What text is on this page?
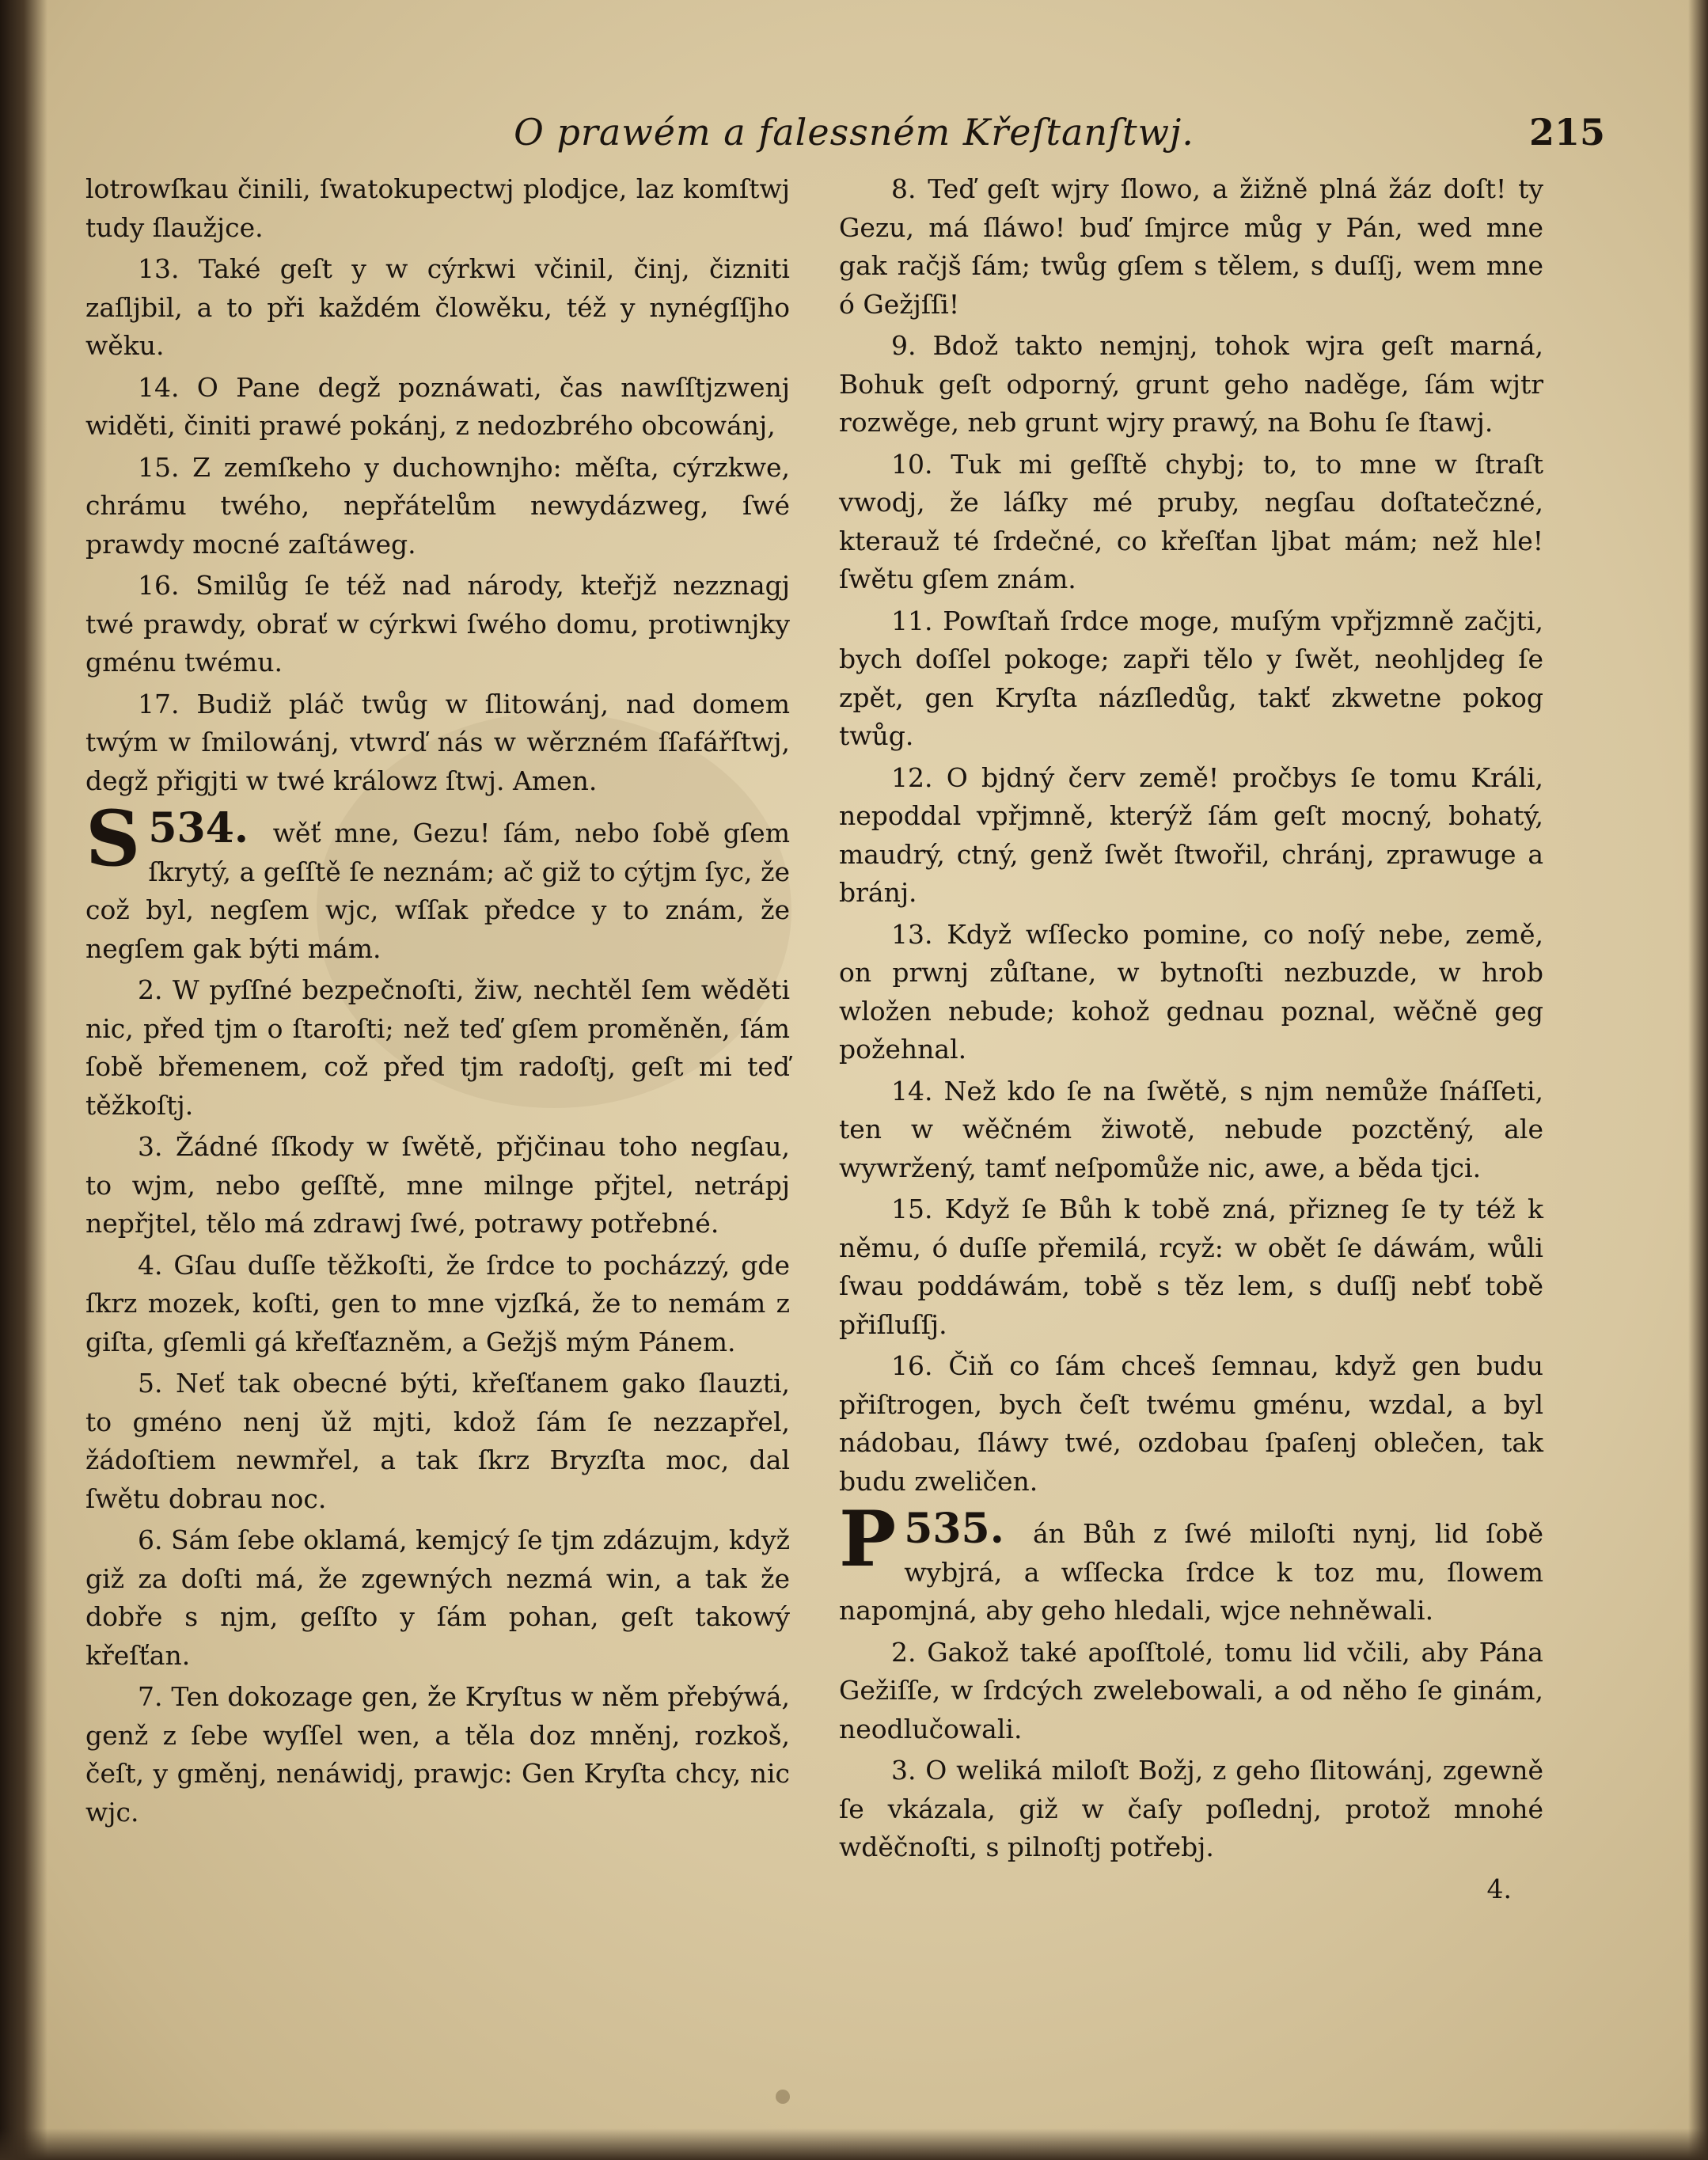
O prawém a falessném Křeſtanſtwj.	215

lotrowſkau činili, ſwatokupectwj plodjce, laz komſtwj tudy ſlaužjce.

13. Také geſt y w cýrkwi včinil, činj, čizniti zaſljbil, a to při každém člowěku, též y nynégſſjho wěku.

14. O Pane degž poznáwati, čas nawſſtjzwenj widěti, činiti prawé pokánj, z nedozbrého obcowánj,

15. Z zemſkeho y duchownjho: měſta, cýrzkwe, chrámu twého, nepřátelům newydázweg, ſwé prawdy mocné zaſtáweg.

16. Smilůg ſe též nad národy, kteřjž nezznagj twé prawdy, obrať w cýrkwi ſwého domu, protiwnjky gménu twému.

17. Budiž pláč twůg w ſlitowánj, nad domem twým w ſmilowánj, vtwrď nás w wěrzném ſſafářſtwj, degž přigjti w twé králowz ſtwj. Amen.

534.
S	wěť mne, Gezu! ſám, nebo ſobě gſem ſkrytý, a geſſtě ſe neznám; ač giž to cýtjm ſyc, že což byl, negſem wjc, wſſak předce y to znám, že negſem gak býti mám.

2. W pyſſné bezpečnoſti, žiw, nechtěl ſem wěděti nic, před tjm o ſtaroſti; než teď gſem proměněn, ſám ſobě břemenem, což před tjm radoſtj, geſt mi teď těžkoſtj.

3. Žádné ſſkody w ſwětě, přjčinau toho negſau, to wjm, nebo geſſtě, mne milnge přjtel, netrápj nepřjtel, tělo má zdrawj ſwé, potrawy potřebné.

4. Gſau duſſe těžkoſti, že ſrdce to pocházzý, gde ſkrz mozek, koſti, gen to mne vjzſká, že to nemám z giſta, gſemli gá křeſťazněm, a Gežjš mým Pánem.

5. Neť tak obecné býti, křeſťanem gako ſlauzti, to gméno nenj ǔž mjti, kdož ſám ſe nezzapřel, žádoſtiem newmřel, a tak ſkrz Bryzſta moc, dal ſwětu dobrau noc.

6. Sám ſebe oklamá, kemjcý ſe tjm zdázujm, když giž za doſti má, že zgewných nezmá win, a tak že dobře s njm, geſſto y ſám pohan, geſt takowý křeſťan.

7. Ten dokozage gen, že Kryſtus w něm přebýwá, genž z ſebe wyſſel wen, a těla doz mněnj, rozkoš, čeſt, y gměnj, nenáwidj, prawjc: Gen Kryſta chcy, nic wjc.

8. Teď geſt wjry ſlowo, a žižně plná žáz doſt! ty Gezu, má ſláwo! buď ſmjrce můg y Pán, wed mne gak račjš ſám; twůg gſem s tělem, s duſſj, wem mne ó Gežjſſi!

9. Bdož takto nemjnj, tohok wjra geſt marná, Bohuk geſt odporný, grunt geho naděge, ſám wjtr rozwěge, neb grunt wjry prawý, na Bohu ſe ſtawj.

10. Tuk mi geſſtě chybj; to, to mne w ſtraſt vwodj, že láſky mé pruby, negſau doſtatečzné, kterauž té ſrdečné, co křeſťan ljbat mám; než hle! ſwětu gſem znám.

11. Powſtaň ſrdce moge, muſým vpřjzmně začjti, bych doſſel pokoge; zapři tělo y ſwět, neohljdeg ſe zpět, gen Kryſta názſledůg, takť zkwetne pokog twůg.

12. O bjdný červ země! pročbys ſe tomu Králi, nepoddal vpřjmně, kterýž ſám geſt mocný, bohatý, maudrý, ctný, genž ſwět ſtwořil, chránj, zprawuge a bránj.

13. Když wſſecko pomine, co noſý nebe, země, on prwnj zůſtane, w bytnoſti nezbuzde, w hrob wložen nebude; kohož gednau poznal, wěčně geg požehnal.

14. Než kdo ſe na ſwětě, s njm nemůže ſnáſſeti, ten w wěčném žiwotě, nebude pozctěný, ale wywržený, tamť neſpomůže nic, awe, a běda tjci.

15. Když ſe Bůh k tobě zná, přizneg ſe ty též k němu, ó duſſe přemilá, rcyž: w obět ſe dáwám, wůli ſwau poddáwám, tobě s těz lem, s duſſj nebť tobě přiſluſſj.

16. Čiň co ſám chceš ſemnau, když gen budu přiſtrogen, bych čeſt twému gménu, wzdal, a byl nádobau, ſláwy twé, ozdobau ſpaſenj oblečen, tak budu zwelіčen.

535.
P	án Bůh z ſwé miloſti nynj, lid ſobě wybjrá, a wſſecka ſrdce k toz mu, ſlowem napomjná, aby geho hledali, wjce nehněwali.

2. Gakož také apoſſtolé, tomu lid včili, aby Pána Gežiſſe, w ſrdcých zwelebowali, a od něho ſe ginám, neodlučowali.

3. O weliká miloſt Božj, z geho ſlitowánj, zgewně ſe vkázala, giž w čaſy poſlednj, protož mnohé wděčnoſti, s pilnoſtj potřebj.

4.
